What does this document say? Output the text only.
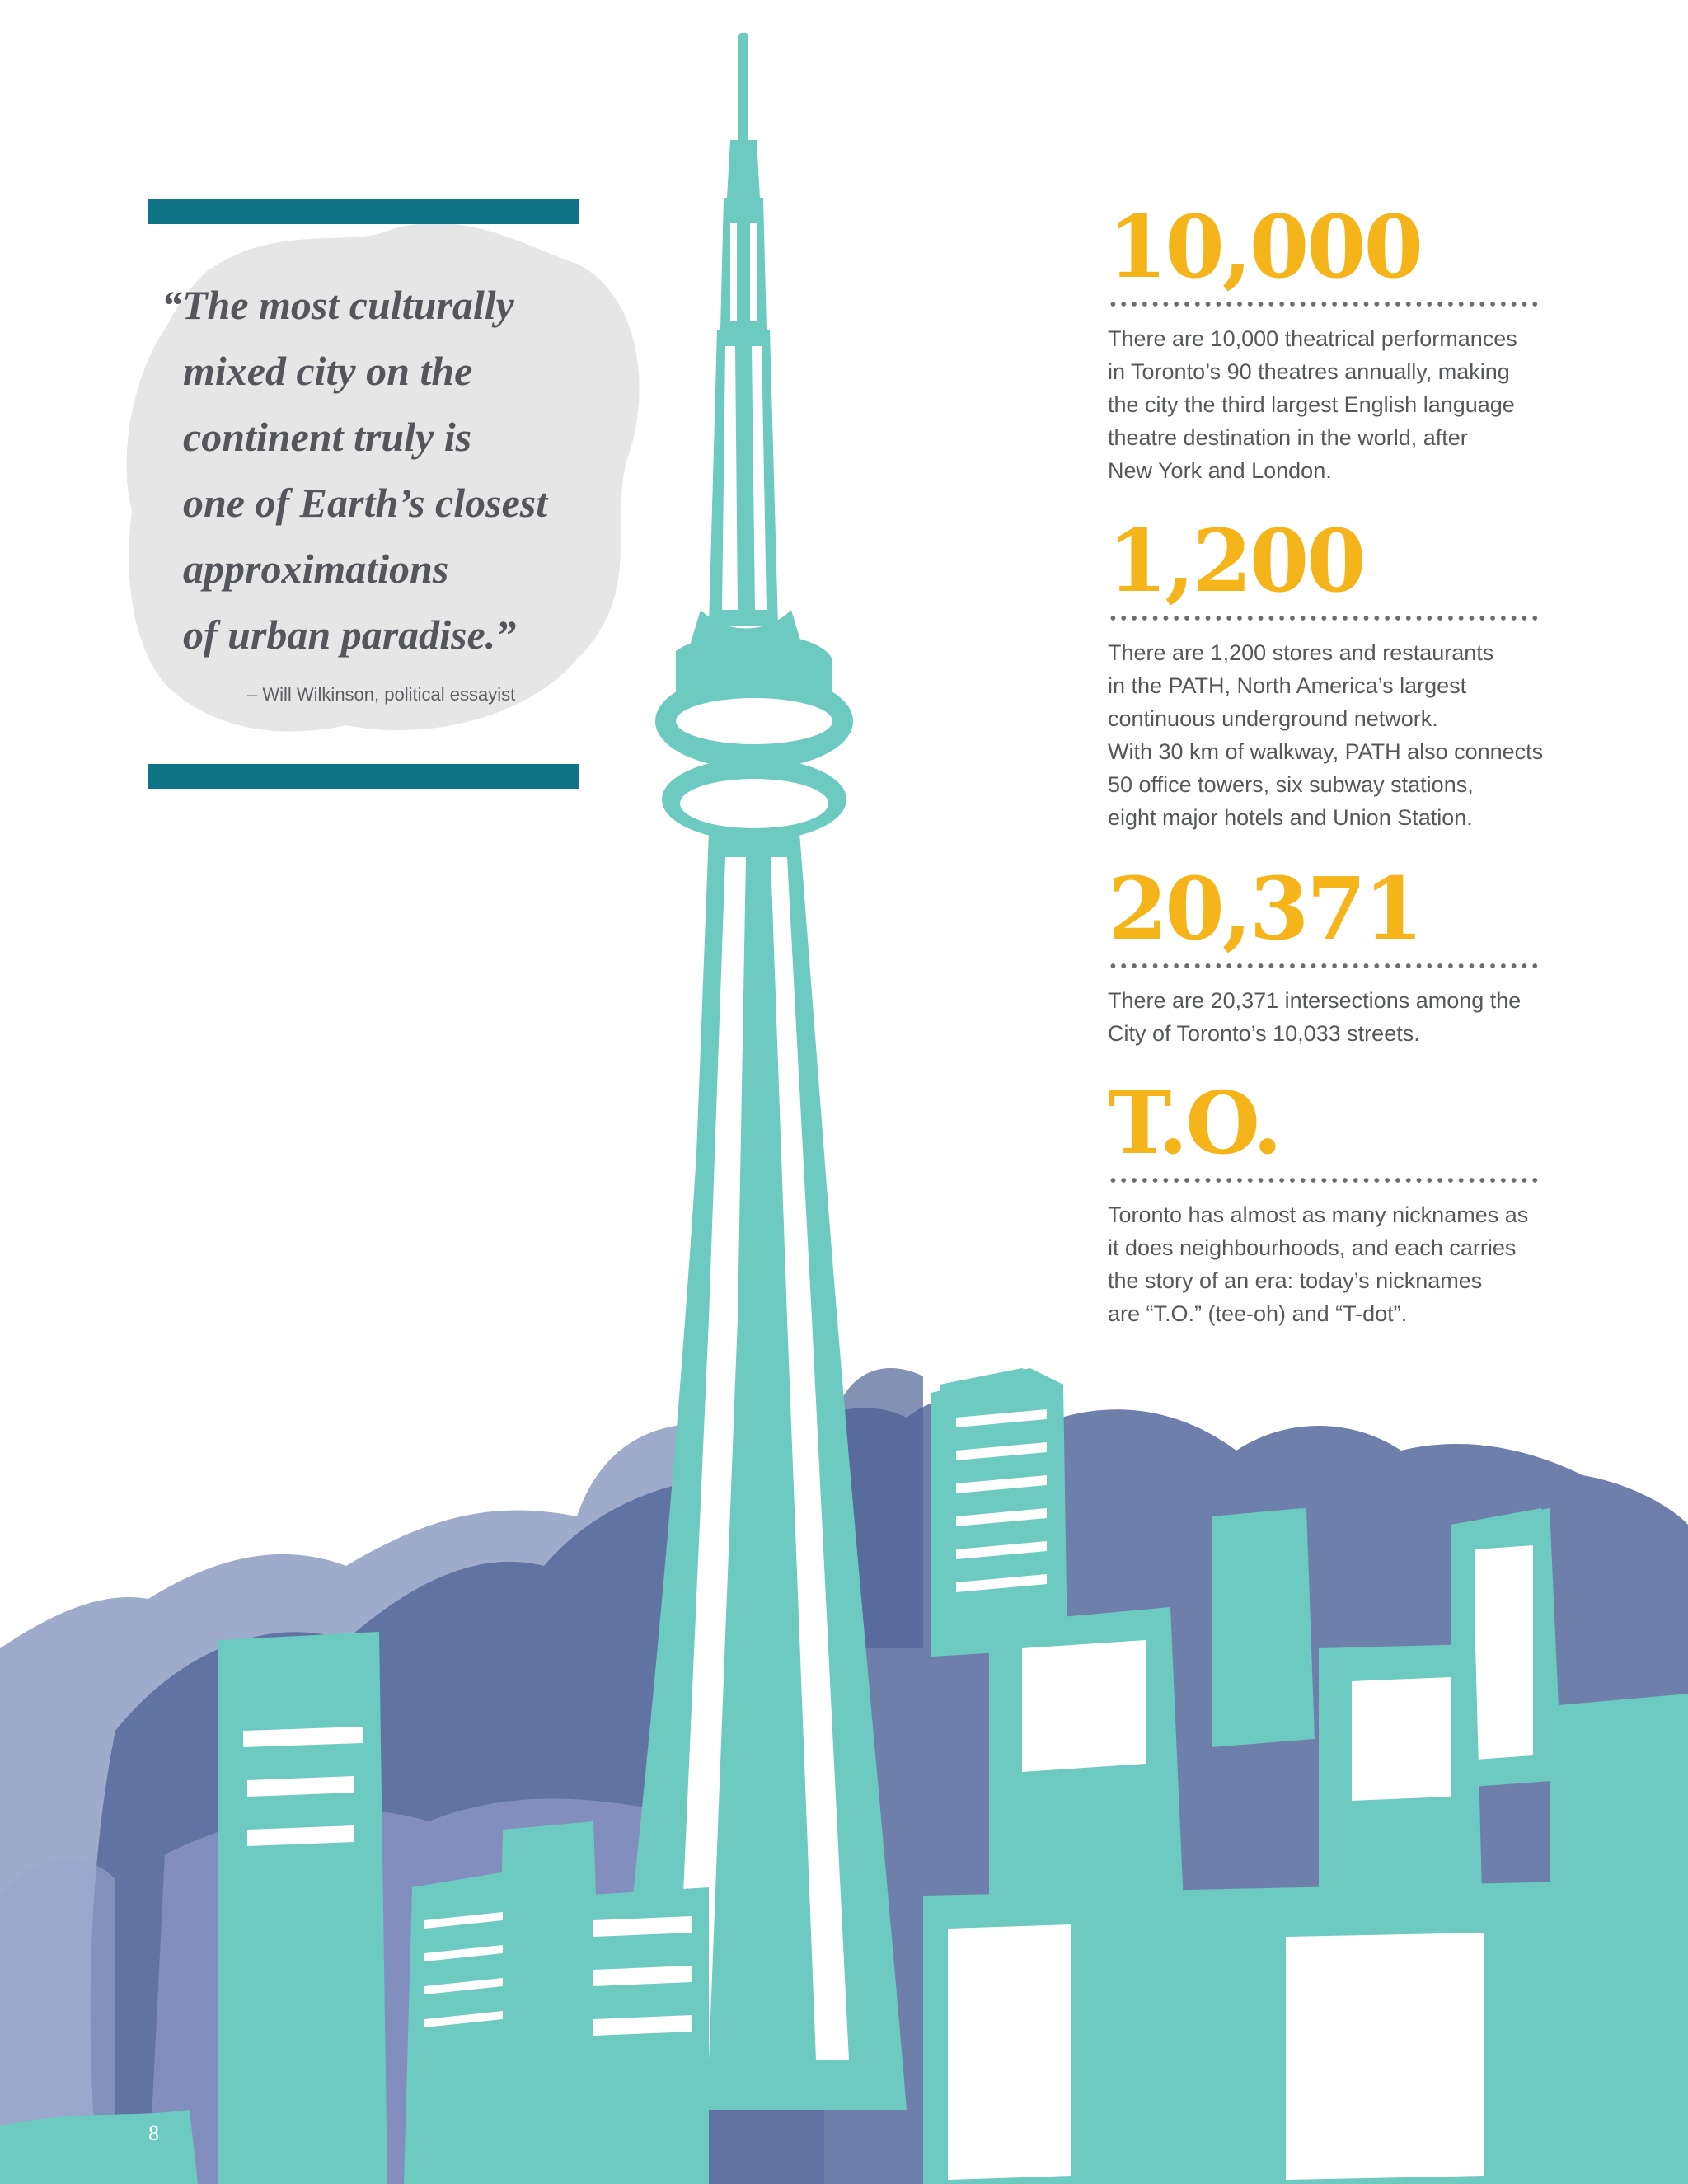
“The most culturally
mixed city on the
continent truly is
one of Earth’s closest
approximations
of urban paradise.”

– Will Wilkinson, political essayist
10,000
There are 10,000 theatrical performances
in Toronto’s 90 theatres annually, making
the city the third largest English language
theatre destination in the world, after
New York and London.
1,200
There are 1,200 stores and restaurants
in the PATH, North America’s largest
continuous underground network.
With 30 km of walkway, PATH also connects
50 office towers, six subway stations,
eight major hotels and Union Station.
20,371
There are 20,371 intersections among the
City of Toronto’s 10,033 streets.
T.O.
Toronto has almost as many nicknames as
it does neighbourhoods, and each carries
the story of an era: today’s nicknames
are “T.O.” (tee-oh) and “T-dot”.
8
